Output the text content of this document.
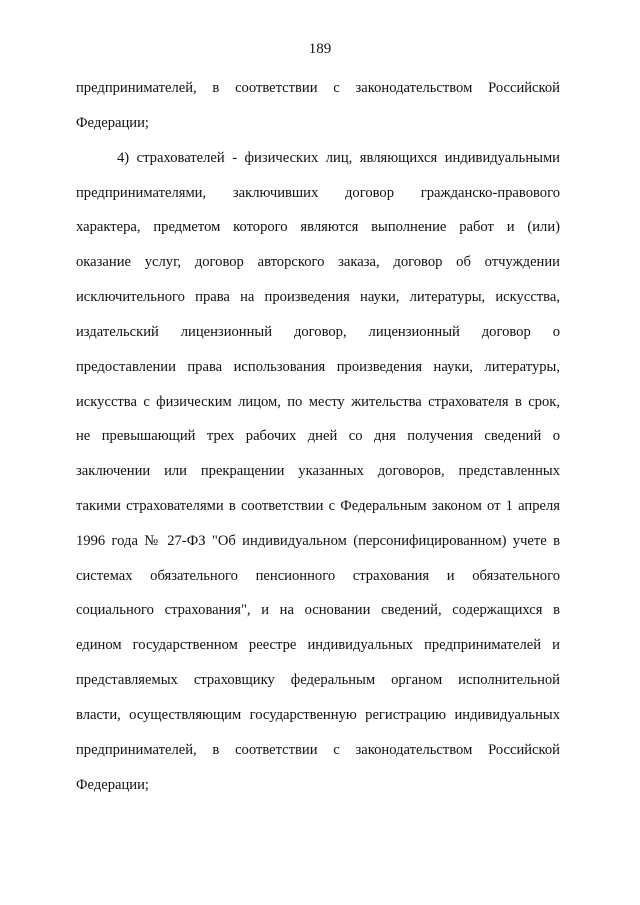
189
предпринимателей, в соответствии с законодательством Российской
Федерации;
4) страхователей - физических лиц, являющихся индивидуальными
предпринимателями, заключивших договор гражданско-правового
характера, предметом которого являются выполнение работ и (или)
оказание услуг, договор авторского заказа, договор об отчуждении
исключительного права на произведения науки, литературы, искусства,
издательский лицензионный договор, лицензионный договор о
предоставлении права использования произведения науки, литературы,
искусства с физическим лицом, по месту жительства страхователя в срок,
не превышающий трех рабочих дней со дня получения сведений о
заключении или прекращении указанных договоров, представленных
такими страхователями в соответствии с Федеральным законом от 1 апреля
1996 года № 27-ФЗ "Об индивидуальном (персонифицированном) учете в
системах обязательного пенсионного страхования и обязательного
социального страхования", и на основании сведений, содержащихся в
едином государственном реестре индивидуальных предпринимателей и
представляемых страховщику федеральным органом исполнительной
власти, осуществляющим государственную регистрацию индивидуальных
предпринимателей, в соответствии с законодательством Российской
Федерации;
